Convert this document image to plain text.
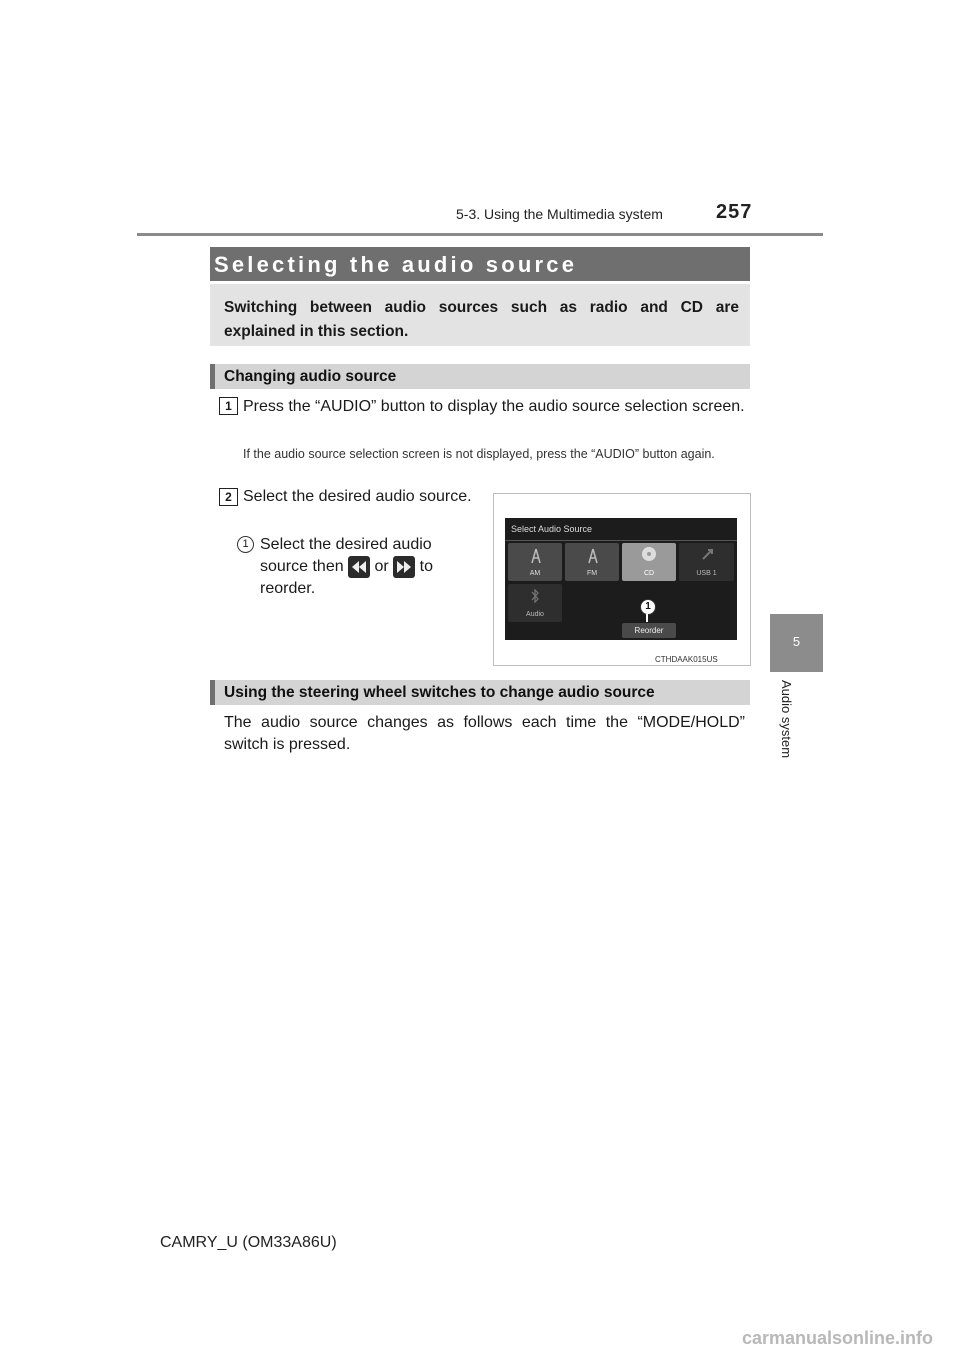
5-3. Using the Multimedia system	257
5
Audio system
Selecting the audio source
Switching between audio sources such as radio and CD are explained in this section.
Changing audio source
1 Press the “AUDIO” button to display the audio source selection screen.
If the audio source selection screen is not displayed, press the “AUDIO” button again.
2 Select the desired audio source.
1 Select the desired audio source then or to reorder.
Select Audio Source
AM	FM	CD	USB 1
Audio
1
Reorder
CTHDAAK015US
Using the steering wheel switches to change audio source
The audio source changes as follows each time the “MODE/HOLD” switch is pressed.
CAMRY_U (OM33A86U)
carmanualsonline.info
